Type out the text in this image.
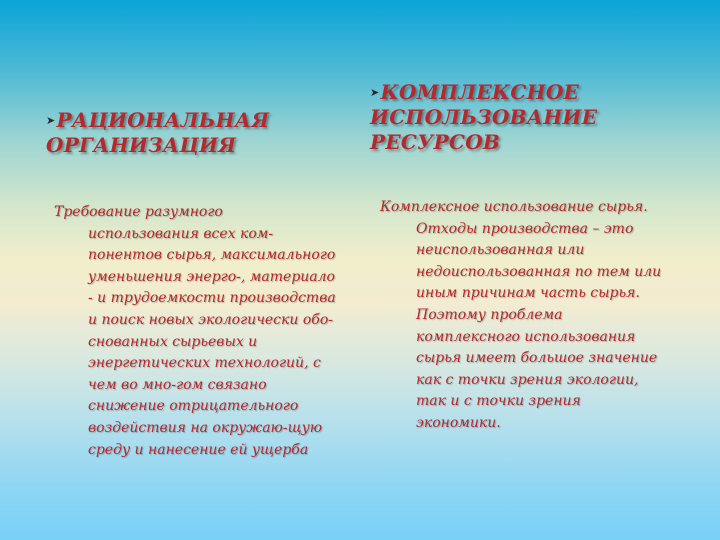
➤РАЦИОНАЛЬНАЯ
ОРГАНИЗАЦИЯ
Требование разумного
использования всех ком-
понентов сырья, максимального
уменьшения энерго-, материало
- и трудоемкости производства
и поиск новых экологически обо-
снованных сырьевых и
энергетических технологий, с
чем во мно-гом связано
снижение отрицательного
воздействия на окружаю-щую
среду и нанесение ей ущерба
➤КОМПЛЕКСНОЕ
ИСПОЛЬЗОВАНИЕ
РЕСУРСОВ
Комплексное использование сырья.
Отходы производства – это
неиспользованная или
недоиспользованная по тем или
иным причинам часть сырья.
Поэтому проблема
комплексного использования
сырья имеет большое значение
как с точки зрения экологии,
так и с точки зрения
экономики.
